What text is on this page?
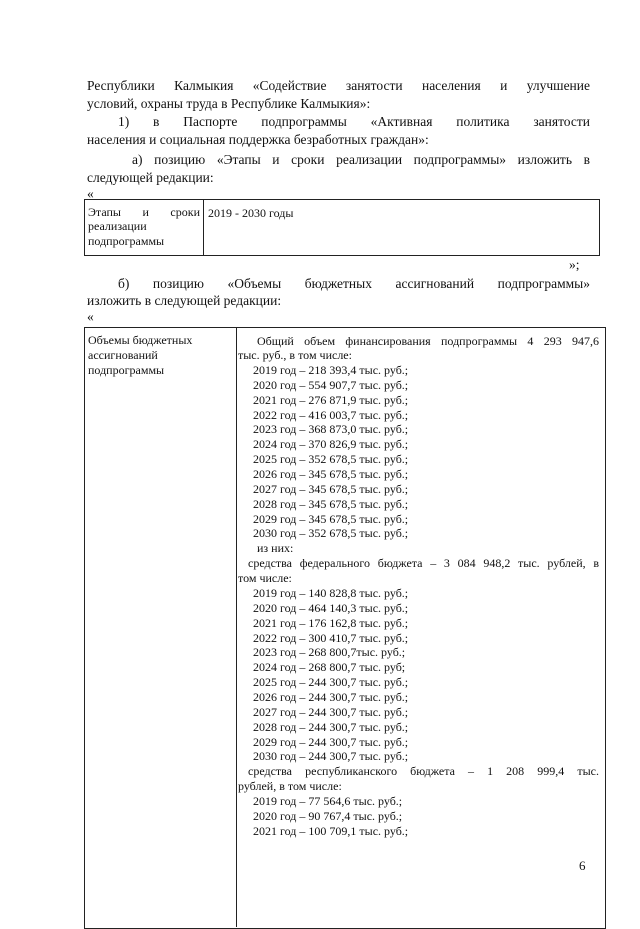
Республики Калмыкия «Содействие занятости населения и улучшение
условий, охраны труда в Республике Калмыкия»:
1) в Паспорте подпрограммы «Активная политика занятости
населения и социальная поддержка безработных граждан»:
а) позицию «Этапы и сроки реализации подпрограммы» изложить в
следующей редакции:
«
Этапы и сроки
реализации
подпрограммы
2019 - 2030 годы
»;
б) позицию «Объемы бюджетных ассигнований подпрограммы»
изложить в следующей редакции:
«
Объемы бюджетных
ассигнований
подпрограммы
Общий объем финансирования подпрограммы 4 293 947,6
тыс. руб., в том числе:
2019 год – 218 393,4 тыс. руб.;
2020 год – 554 907,7 тыс. руб.;
2021 год – 276 871,9 тыс. руб.;
2022 год – 416 003,7 тыс. руб.;
2023 год – 368 873,0 тыс. руб.;
2024 год – 370 826,9 тыс. руб.;
2025 год – 352 678,5 тыс. руб.;
2026 год – 345 678,5 тыс. руб.;
2027 год – 345 678,5 тыс. руб.;
2028 год – 345 678,5 тыс. руб.;
2029 год – 345 678,5 тыс. руб.;
2030 год – 352 678,5 тыс. руб.;
из них:
средства федерального бюджета – 3 084 948,2 тыс. рублей, в
том числе:
2019 год – 140 828,8 тыс. руб.;
2020 год – 464 140,3 тыс. руб.;
2021 год – 176 162,8 тыс. руб.;
2022 год – 300 410,7 тыс. руб.;
2023 год – 268 800,7тыс. руб.;
2024 год – 268 800,7 тыс. руб;
2025 год – 244 300,7 тыс. руб.;
2026 год – 244 300,7 тыс. руб.;
2027 год – 244 300,7 тыс. руб.;
2028 год – 244 300,7 тыс. руб.;
2029 год – 244 300,7 тыс. руб.;
2030 год – 244 300,7 тыс. руб.;
средства республиканского бюджета – 1 208 999,4 тыс.
рублей, в том числе:
2019 год – 77 564,6 тыс. руб.;
2020 год – 90 767,4 тыс. руб.;
2021 год – 100 709,1 тыс. руб.;
6
